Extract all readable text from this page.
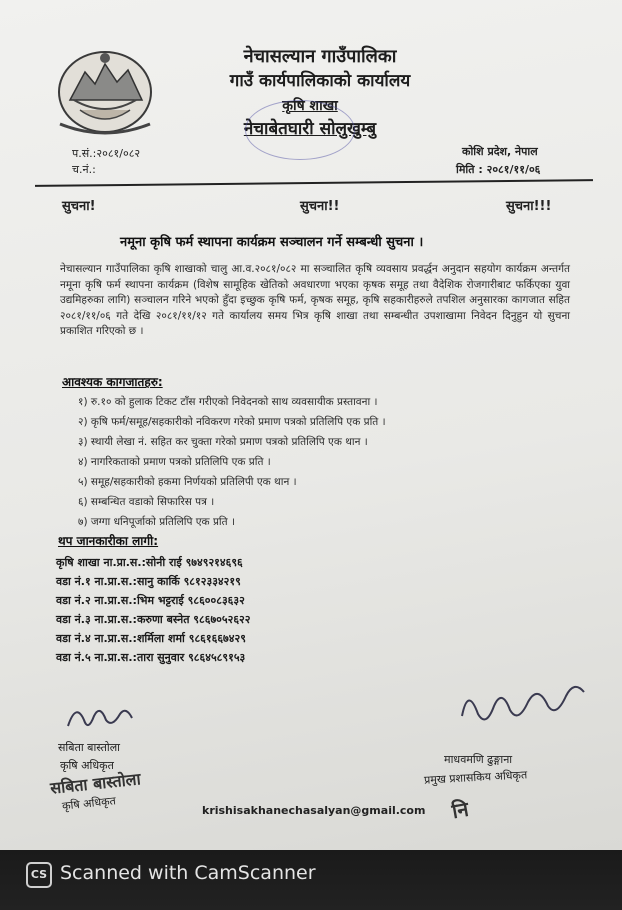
नेचासल्यान गाउँपालिका
गाउँ कार्यपालिकाको कार्यालय
कृषि शाखा
नेचाबेतघारी सोलुखुम्बु
प.सं.:२०८१/०८२
च.नं.:
कोशि प्रदेश, नेपाल
मिति : २०८१/११/०६
सुचना!	सुचना!!	सुचना!!!
नमूना कृषि फर्म स्थापना कार्यक्रम सञ्चालन गर्ने सम्बन्धी सुचना ।
नेचासल्यान गाउँपालिका कृषि शाखाको चालु आ.व.२०८१/०८२ मा सञ्चालित कृषि व्यवसाय प्रवर्द्धन अनुदान सहयोग कार्यक्रम अन्तर्गत नमूना कृषि फर्म स्थापना कार्यक्रम (विशेष सामूहिक खेतिको अवधारणा भएका कृषक समूह तथा वैदेशिक रोजगारीबाट फर्किएका युवा उद्यमिहरुका लागि) सञ्चालन गरिने भएको हुँदा इच्छुक कृषि फर्म, कृषक समूह, कृषि सहकारीहरुले तपशिल अनुसारका कागजात सहित २०८१/११/०६ गते देखि २०८१/११/१२ गते कार्यालय समय भित्र कृषि शाखा तथा सम्बन्धीत उपशाखामा निवेदन दिनुहुन यो सुचना प्रकाशित गरिएको छ ।
आवश्यक कागजातहरु:
१) रु.१० को हुलाक टिकट टाँस गरीएको निवेदनको साथ व्यवसायीक प्रस्तावना ।
२) कृषि फर्म/समूह/सहकारीको नविकरण गरेको प्रमाण पत्रको प्रतिलिपि एक प्रति ।
३) स्थायी लेखा नं. सहित कर चुक्ता गरेको प्रमाण पत्रको प्रतिलिपि एक थान ।
४) नागरिकताको प्रमाण पत्रको प्रतिलिपि एक प्रति ।
५) समूह/सहकारीको हकमा निर्णयको प्रतिलिपी एक थान ।
६) सम्बन्धित वडाको सिफारिस पत्र ।
७) जग्गा धनिपूर्जाको प्रतिलिपि एक प्रति ।
थप जानकारीका लागी:
कृषि शाखा ना.प्रा.स.:सोनी राई ९७४९२१४६९६
वडा नं.१ ना.प्रा.स.:सानु कार्कि ९८१२३३४२१९
वडा नं.२ ना.प्रा.स.:भिम भट्टराई ९८६००८३६३२
वडा नं.३ ना.प्रा.स.:करुणा बस्नेत ९८६७०५२६२२
वडा नं.४ ना.प्रा.स.:शर्मिला शर्मा ९८६१६६७४२९
वडा नं.५ ना.प्रा.स.:तारा सुनुवार ९८६४५८९१५३
सबिता बास्तोला
कृषि अधिकृत
सबिता बास्तोला
कृषि अधिकृत
माधवमणि ढुङ्गाना
प्रमुख प्रशासकिय अधिकृत
नि
krishisakhanechasalyan@gmail.com
CS Scanned with CamScanner
